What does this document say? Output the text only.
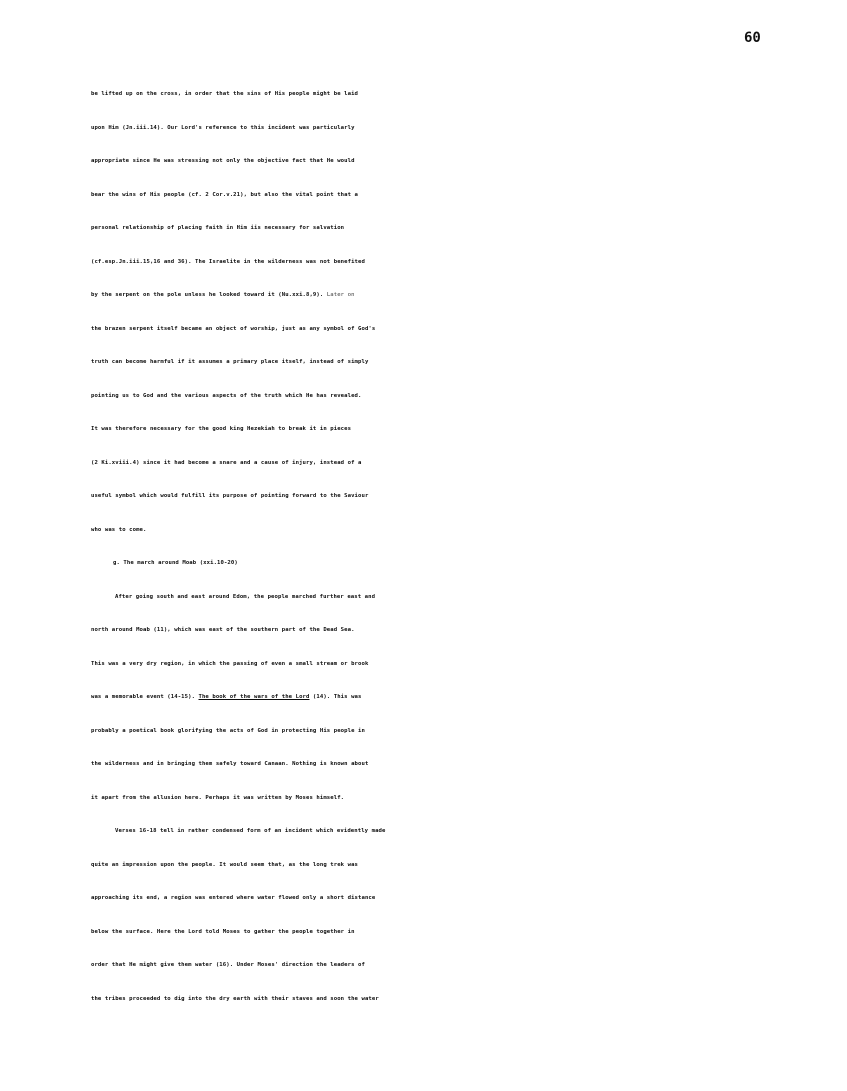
60
be lifted up on the cross, in order that the sins of His people might be laid
upon Him (Jn.iii.14). Our Lord's reference to this incident was particularly
appropriate since He was stressing not only the objective fact that He would
bear the wins of His people (cf. 2 Cor.v.21), but also the vital point that a
personal relationship of placing faith in Him iis necessary for salvation
(cf.esp.Jn.iii.15,16 and 36). The Israelite in the wilderness was not benefited
by the serpent on the pole unless he looked toward it (Nu.xxi.8,9). Later on
the brazen serpent itself became an object of worship, just as any symbol of God's
truth can become harmful if it assumes a primary place itself, instead of simply
pointing us to God and the various aspects of the truth which He has revealed.
It was therefore necessary for the good king Hezekiah to break it in pieces
(2 Ki.xviii.4) since it had become a snare and a cause of injury, instead of a
useful symbol which would fulfill its purpose of pointing forward to the Saviour
who was to come.
g. The march around Moab (xxi.10-20)
After going south and east around Edom, the people marched further east and
north around Moab (11), which was east of the southern part of the Dead Sea.
This was a very dry region, in which the passing of even a small stream or brook
was a memorable event (14-15). The book of the wars of the Lord (14). This was
probably a poetical book glorifying the acts of God in protecting His people in
the wilderness and in bringing them safely toward Canaan. Nothing is known about
it apart from the allusion here. Perhaps it was written by Moses himself.
Verses 16-18 tell in rather condensed form of an incident which evidently made
quite an impression upon the people. It would seem that, as the long trek was
approaching its end, a region was entered where water flowed only a short distance
below the surface. Here the Lord told Moses to gather the people together in
order that He might give them water (16). Under Moses' direction the leaders of
the tribes proceeded to dig into the dry earth with their staves and soon the water
